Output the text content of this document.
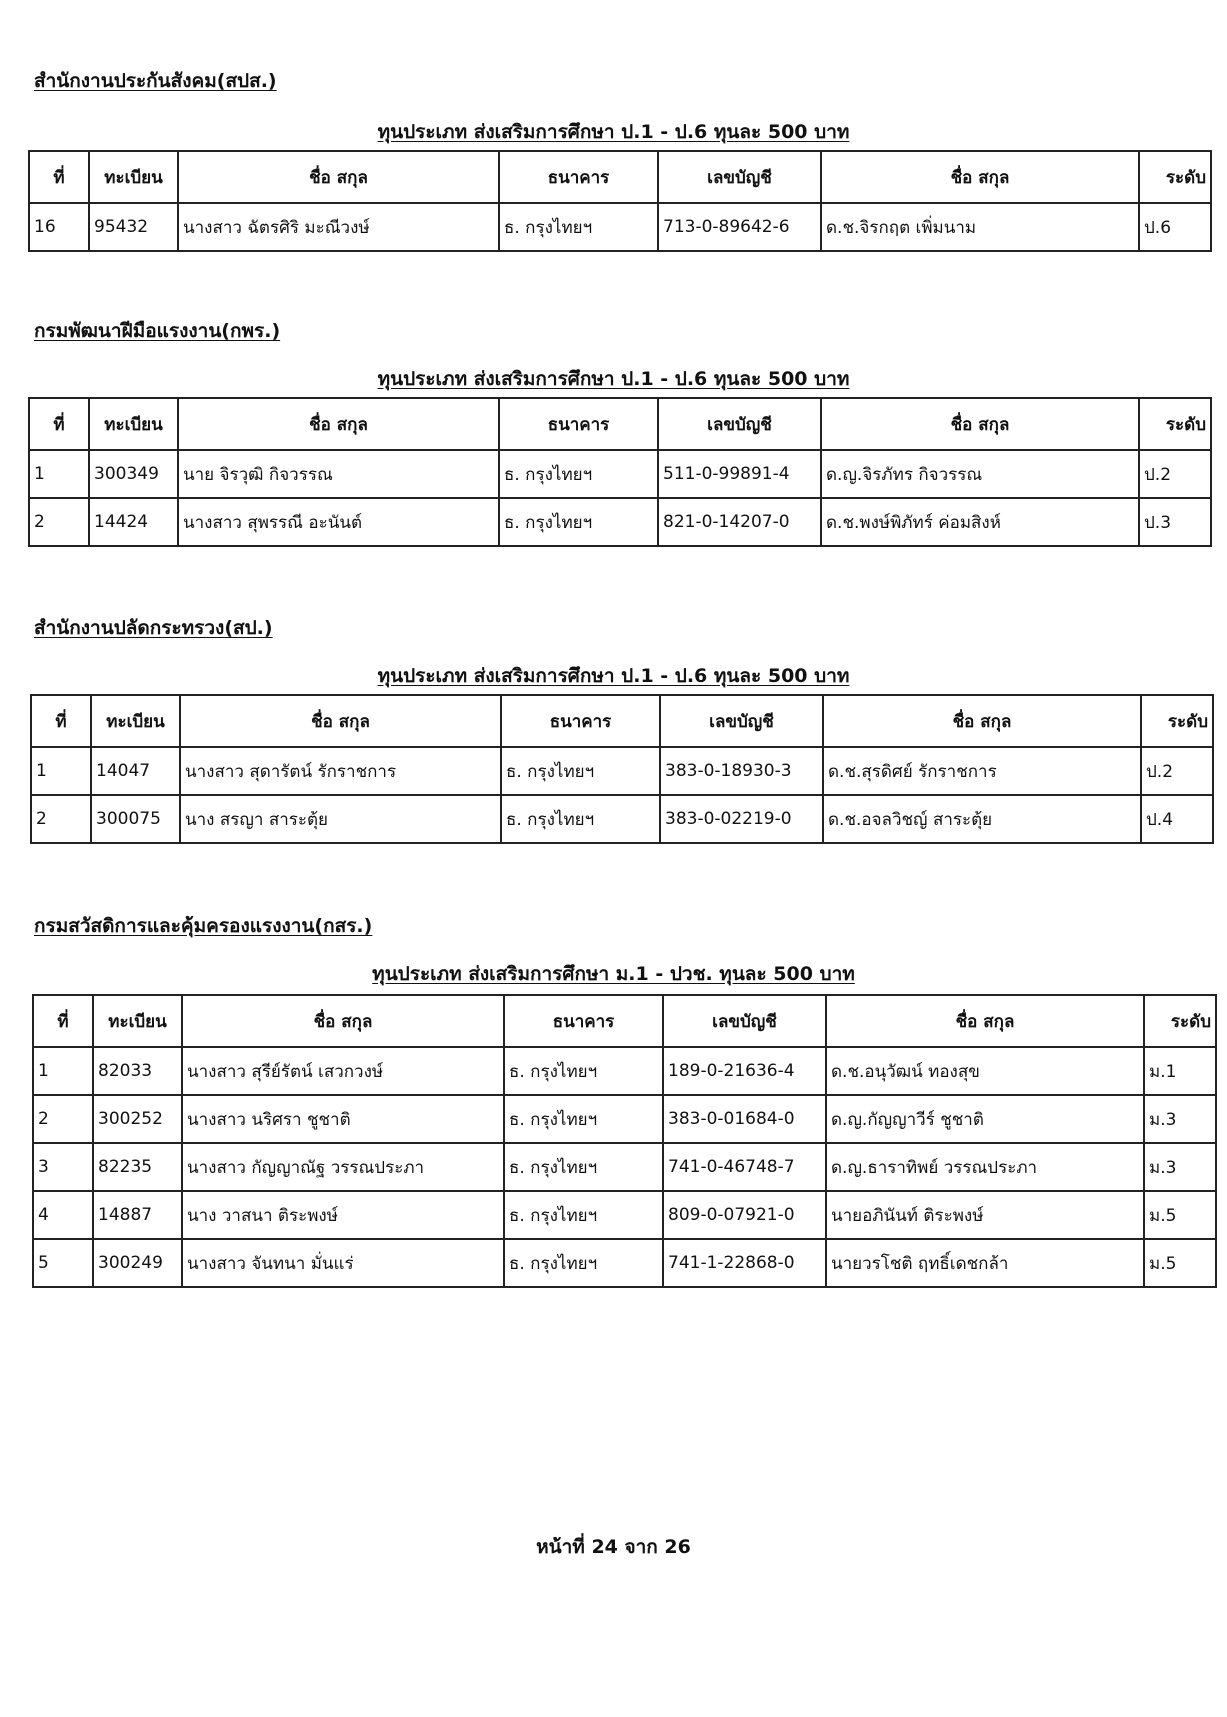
สำนักงานประกันสังคม(สปส.)
ทุนประเภท ส่งเสริมการศึกษา ป.1 - ป.6 ทุนละ 500 บาท
ที่	ทะเบียน	ชื่อ สกุล	ธนาคาร	เลขบัญชี	ชื่อ สกุล	ระดับ
16	95432	นางสาว ฉัตรศิริ มะณีวงษ์	ธ. กรุงไทยฯ	713-0-89642-6	ด.ช.จิรกฤต เพิ่มนาม	ป.6
กรมพัฒนาฝีมือแรงงาน(กพร.)
ทุนประเภท ส่งเสริมการศึกษา ป.1 - ป.6 ทุนละ 500 บาท
ที่	ทะเบียน	ชื่อ สกุล	ธนาคาร	เลขบัญชี	ชื่อ สกุล	ระดับ
1	300349	นาย จิรวุฒิ กิจวรรณ	ธ. กรุงไทยฯ	511-0-99891-4	ด.ญ.จิรภัทร กิจวรรณ	ป.2
2	14424	นางสาว สุพรรณี อะนันต์	ธ. กรุงไทยฯ	821-0-14207-0	ด.ช.พงษ์พิภัทร์ ค่อมสิงห์	ป.3
สำนักงานปลัดกระทรวง(สป.)
ทุนประเภท ส่งเสริมการศึกษา ป.1 - ป.6 ทุนละ 500 บาท
ที่	ทะเบียน	ชื่อ สกุล	ธนาคาร	เลขบัญชี	ชื่อ สกุล	ระดับ
1	14047	นางสาว สุดารัตน์ รักราชการ	ธ. กรุงไทยฯ	383-0-18930-3	ด.ช.สุรดิศย์ รักราชการ	ป.2
2	300075	นาง สรญา สาระตุ้ย	ธ. กรุงไทยฯ	383-0-02219-0	ด.ช.อจลวิชญ์ สาระตุ้ย	ป.4
กรมสวัสดิการและคุ้มครองแรงงาน(กสร.)
ทุนประเภท ส่งเสริมการศึกษา ม.1 - ปวช. ทุนละ 500 บาท
ที่	ทะเบียน	ชื่อ สกุล	ธนาคาร	เลขบัญชี	ชื่อ สกุล	ระดับ
1	82033	นางสาว สุรีย์รัตน์ เสวกวงษ์	ธ. กรุงไทยฯ	189-0-21636-4	ด.ช.อนุวัฒน์ ทองสุข	ม.1
2	300252	นางสาว นริศรา ชูชาติ	ธ. กรุงไทยฯ	383-0-01684-0	ด.ญ.กัญญาวีร์ ชูชาติ	ม.3
3	82235	นางสาว กัญญาณัฐ วรรณประภา	ธ. กรุงไทยฯ	741-0-46748-7	ด.ญ.ธาราทิพย์ วรรณประภา	ม.3
4	14887	นาง วาสนา ติระพงษ์	ธ. กรุงไทยฯ	809-0-07921-0	นายอภินันท์ ติระพงษ์	ม.5
5	300249	นางสาว จันทนา มั่นแร่	ธ. กรุงไทยฯ	741-1-22868-0	นายวรโชติ ฤทธิ์เดชกล้า	ม.5
หน้าที่ 24 จาก 26
